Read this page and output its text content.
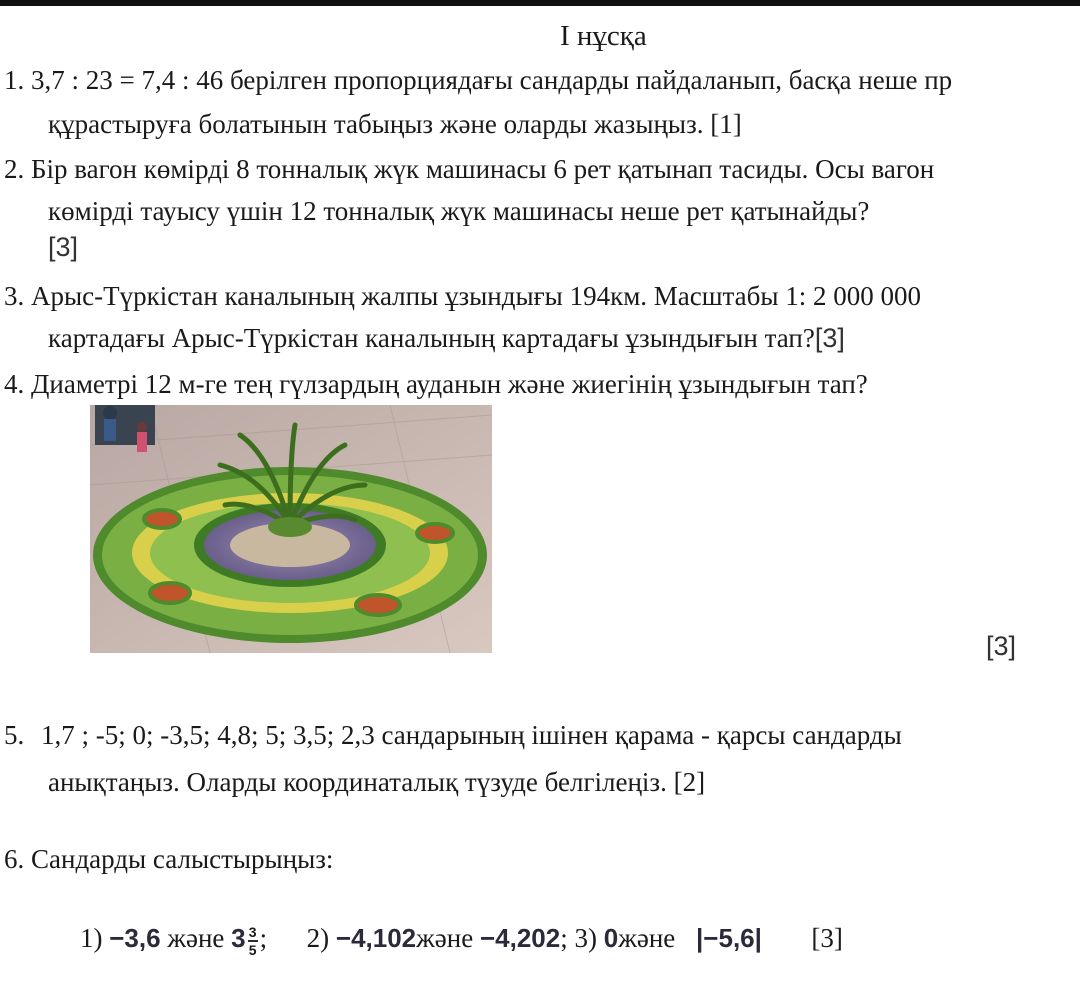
I нұсқа
1. 3,7 : 23 = 7,4 : 46 берілген пропорциядағы сандарды пайдаланып, басқа неше пр
құрастыруға болатынын табыңыз және оларды жазыңыз. [1]
2. Бір вагон көмірді 8 тонналық жүк машинасы 6 рет қатынап тасиды. Осы вагон
көмірді тауысу үшін 12 тонналық жүк машинасы неше рет қатынайды?
[3]
3. Арыс-Түркістан каналының жалпы ұзындығы 194км. Масштабы 1: 2 000 000
картадағы Арыс-Түркістан каналының картадағы ұзындығын тап?[3]
4. Диаметрі 12 м-ге тең гүлзардың ауданын және жиегінің ұзындығын тап?
[3]
5. 1,7 ; -5; 0; -3,5; 4,8; 5; 3,5; 2,3 сандарының ішінен қарама - қарсы сандарды
анықтаңыз. Оларды координаталық түзуде белгілеңіз. [2]
6. Сандарды салыстырыңыз:
1) −3,6 және $3 \frac{3}{5}$ ; 2) −4,102және −4,202; 3) 0және |−5,6| [3]
